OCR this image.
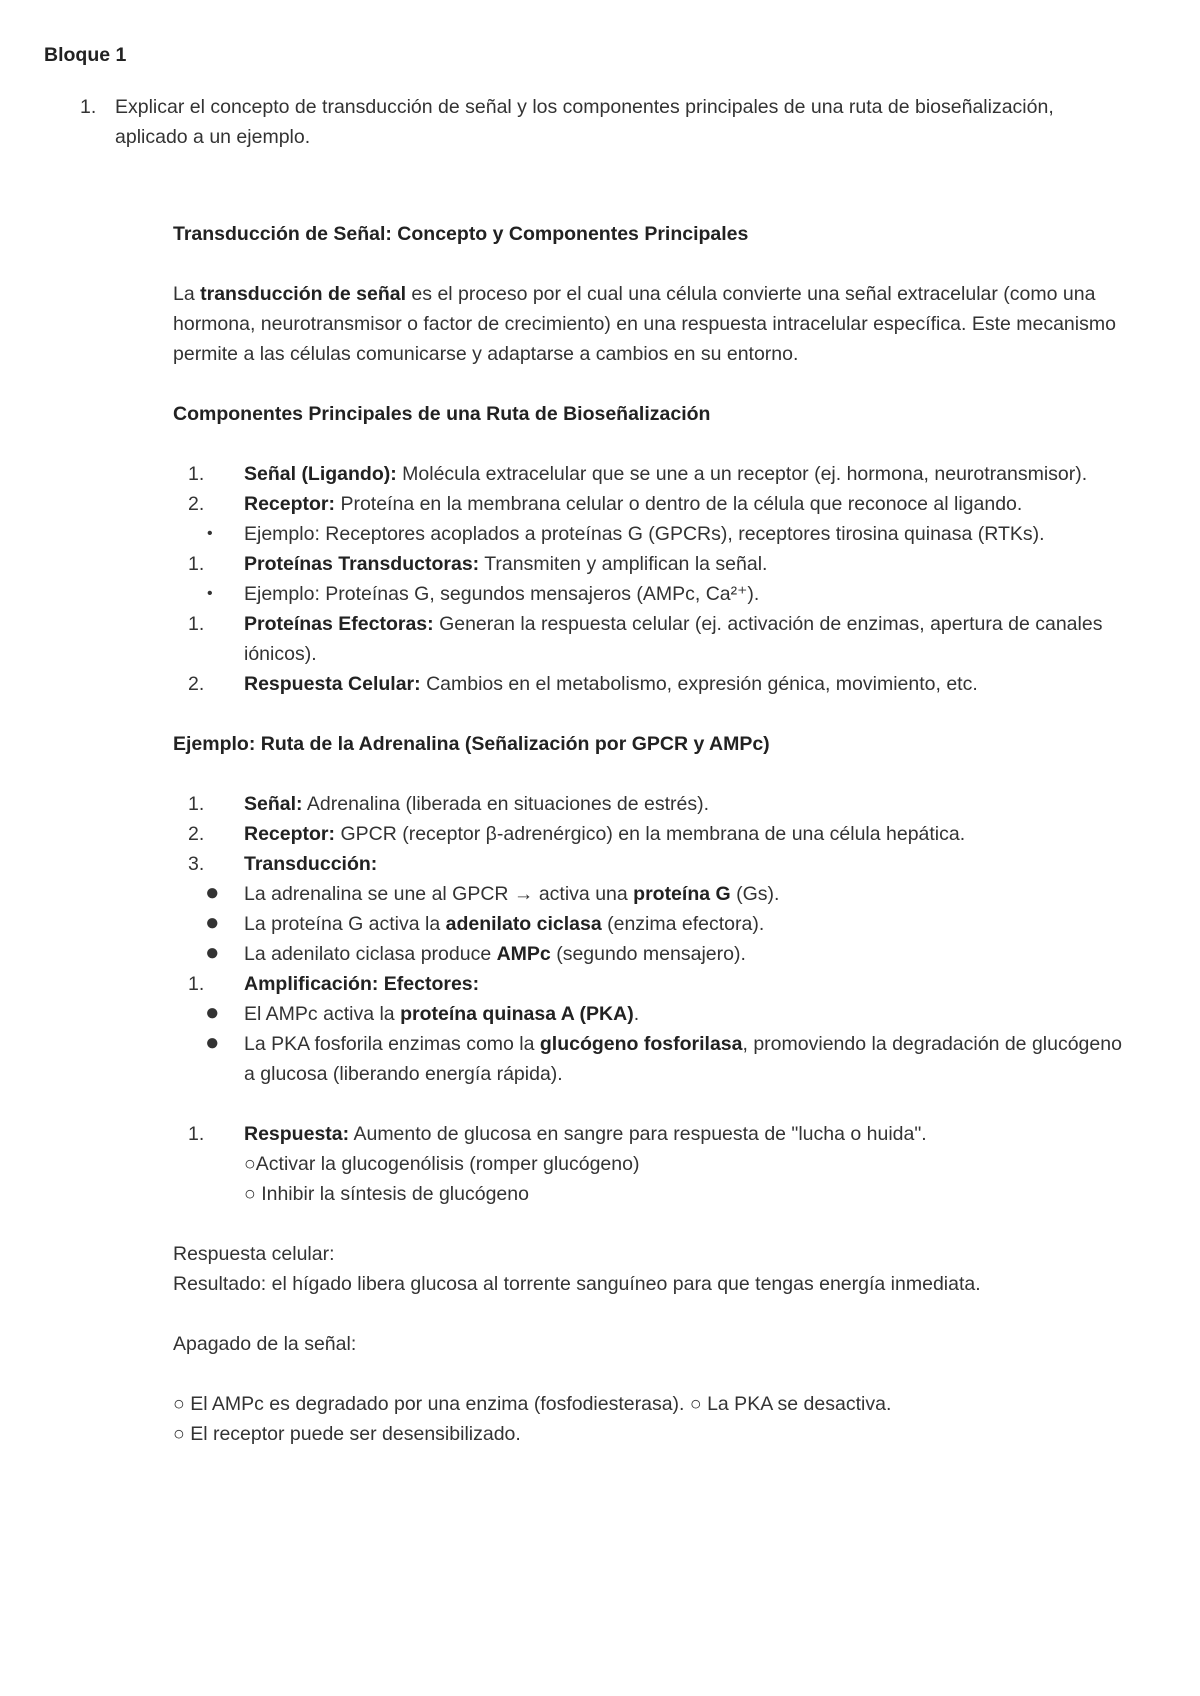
Bloque 1
1. Explicar el concepto de transducción de señal y los componentes principales de una ruta de bioseñalización, aplicado a un ejemplo.

Transducción de Señal: Concepto y Componentes Principales

La transducción de señal es el proceso por el cual una célula convierte una señal extracelular (como una hormona, neurotransmisor o factor de crecimiento) en una respuesta intracelular específica. Este mecanismo permite a las células comunicarse y adaptarse a cambios en su entorno.

Componentes Principales de una Ruta de Bioseñalización

1. Señal (Ligando): Molécula extracelular que se une a un receptor (ej. hormona, neurotransmisor).
2. Receptor: Proteína en la membrana celular o dentro de la célula que reconoce al ligando.
• Ejemplo: Receptores acoplados a proteínas G (GPCRs), receptores tirosina quinasa (RTKs).
1. Proteínas Transductoras: Transmiten y amplifican la señal.
• Ejemplo: Proteínas G, segundos mensajeros (AMPc, Ca²⁺).
1. Proteínas Efectoras: Generan la respuesta celular (ej. activación de enzimas, apertura de canales iónicos).
2. Respuesta Celular: Cambios en el metabolismo, expresión génica, movimiento, etc.

Ejemplo: Ruta de la Adrenalina (Señalización por GPCR y AMPc)

1. Señal: Adrenalina (liberada en situaciones de estrés).
2. Receptor: GPCR (receptor β-adrenérgico) en la membrana de una célula hepática.
3. Transducción:
● La adrenalina se une al GPCR → activa una proteína G (Gs).
● La proteína G activa la adenilato ciclasa (enzima efectora).
● La adenilato ciclasa produce AMPc (segundo mensajero).
1. Amplificación: Efectores:
● El AMPc activa la proteína quinasa A (PKA).
● La PKA fosforila enzimas como la glucógeno fosforilasa, promoviendo la degradación de glucógeno a glucosa (liberando energía rápida).
1. Respuesta: Aumento de glucosa en sangre para respuesta de "lucha o huida".
○Activar la glucogenólisis (romper glucógeno)
○ Inhibir la síntesis de glucógeno

Respuesta celular:

Resultado: el hígado libera glucosa al torrente sanguíneo para que tengas energía inmediata.

Apagado de la señal:

○ El AMPc es degradado por una enzima (fosfodiesterasa). ○ La PKA se desactiva.

○ El receptor puede ser desensibilizado.
